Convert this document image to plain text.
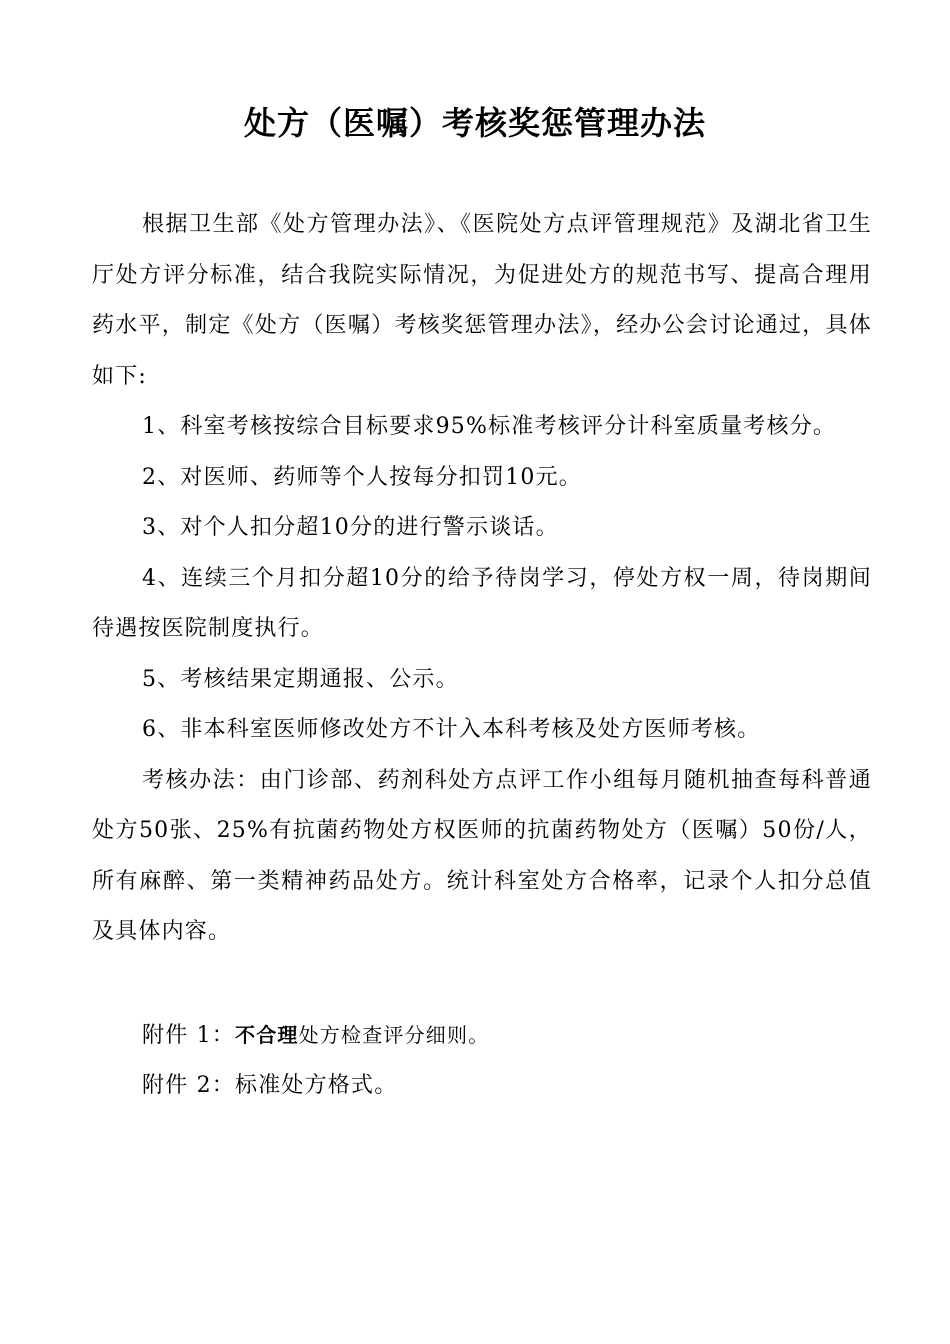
处方（医嘱）考核奖惩管理办法

根据卫生部《处方管理办法》、《医院处方点评管理规范》及湖北省卫生厅处方评分标准，结合我院实际情况，为促进处方的规范书写、提高合理用药水平，制定《处方（医嘱）考核奖惩管理办法》，经办公会讨论通过，具体如下:

1、科室考核按综合目标要求95%标准考核评分计科室质量考核分。

2、对医师、药师等个人按每分扣罚10元。

3、对个人扣分超10分的进行警示谈话。

4、连续三个月扣分超10分的给予待岗学习，停处方权一周，待岗期间待遇按医院制度执行。

5、考核结果定期通报、公示。

6、非本科室医师修改处方不计入本科考核及处方医师考核。

考核办法：由门诊部、药剂科处方点评工作小组每月随机抽查每科普通处方50张、25%有抗菌药物处方权医师的抗菌药物处方（医嘱）50份/人，所有麻醉、第一类精神药品处方。统计科室处方合格率，记录个人扣分总值及具体内容。

附件 1：不合理处方检查评分细则。

附件 2：标准处方格式。
